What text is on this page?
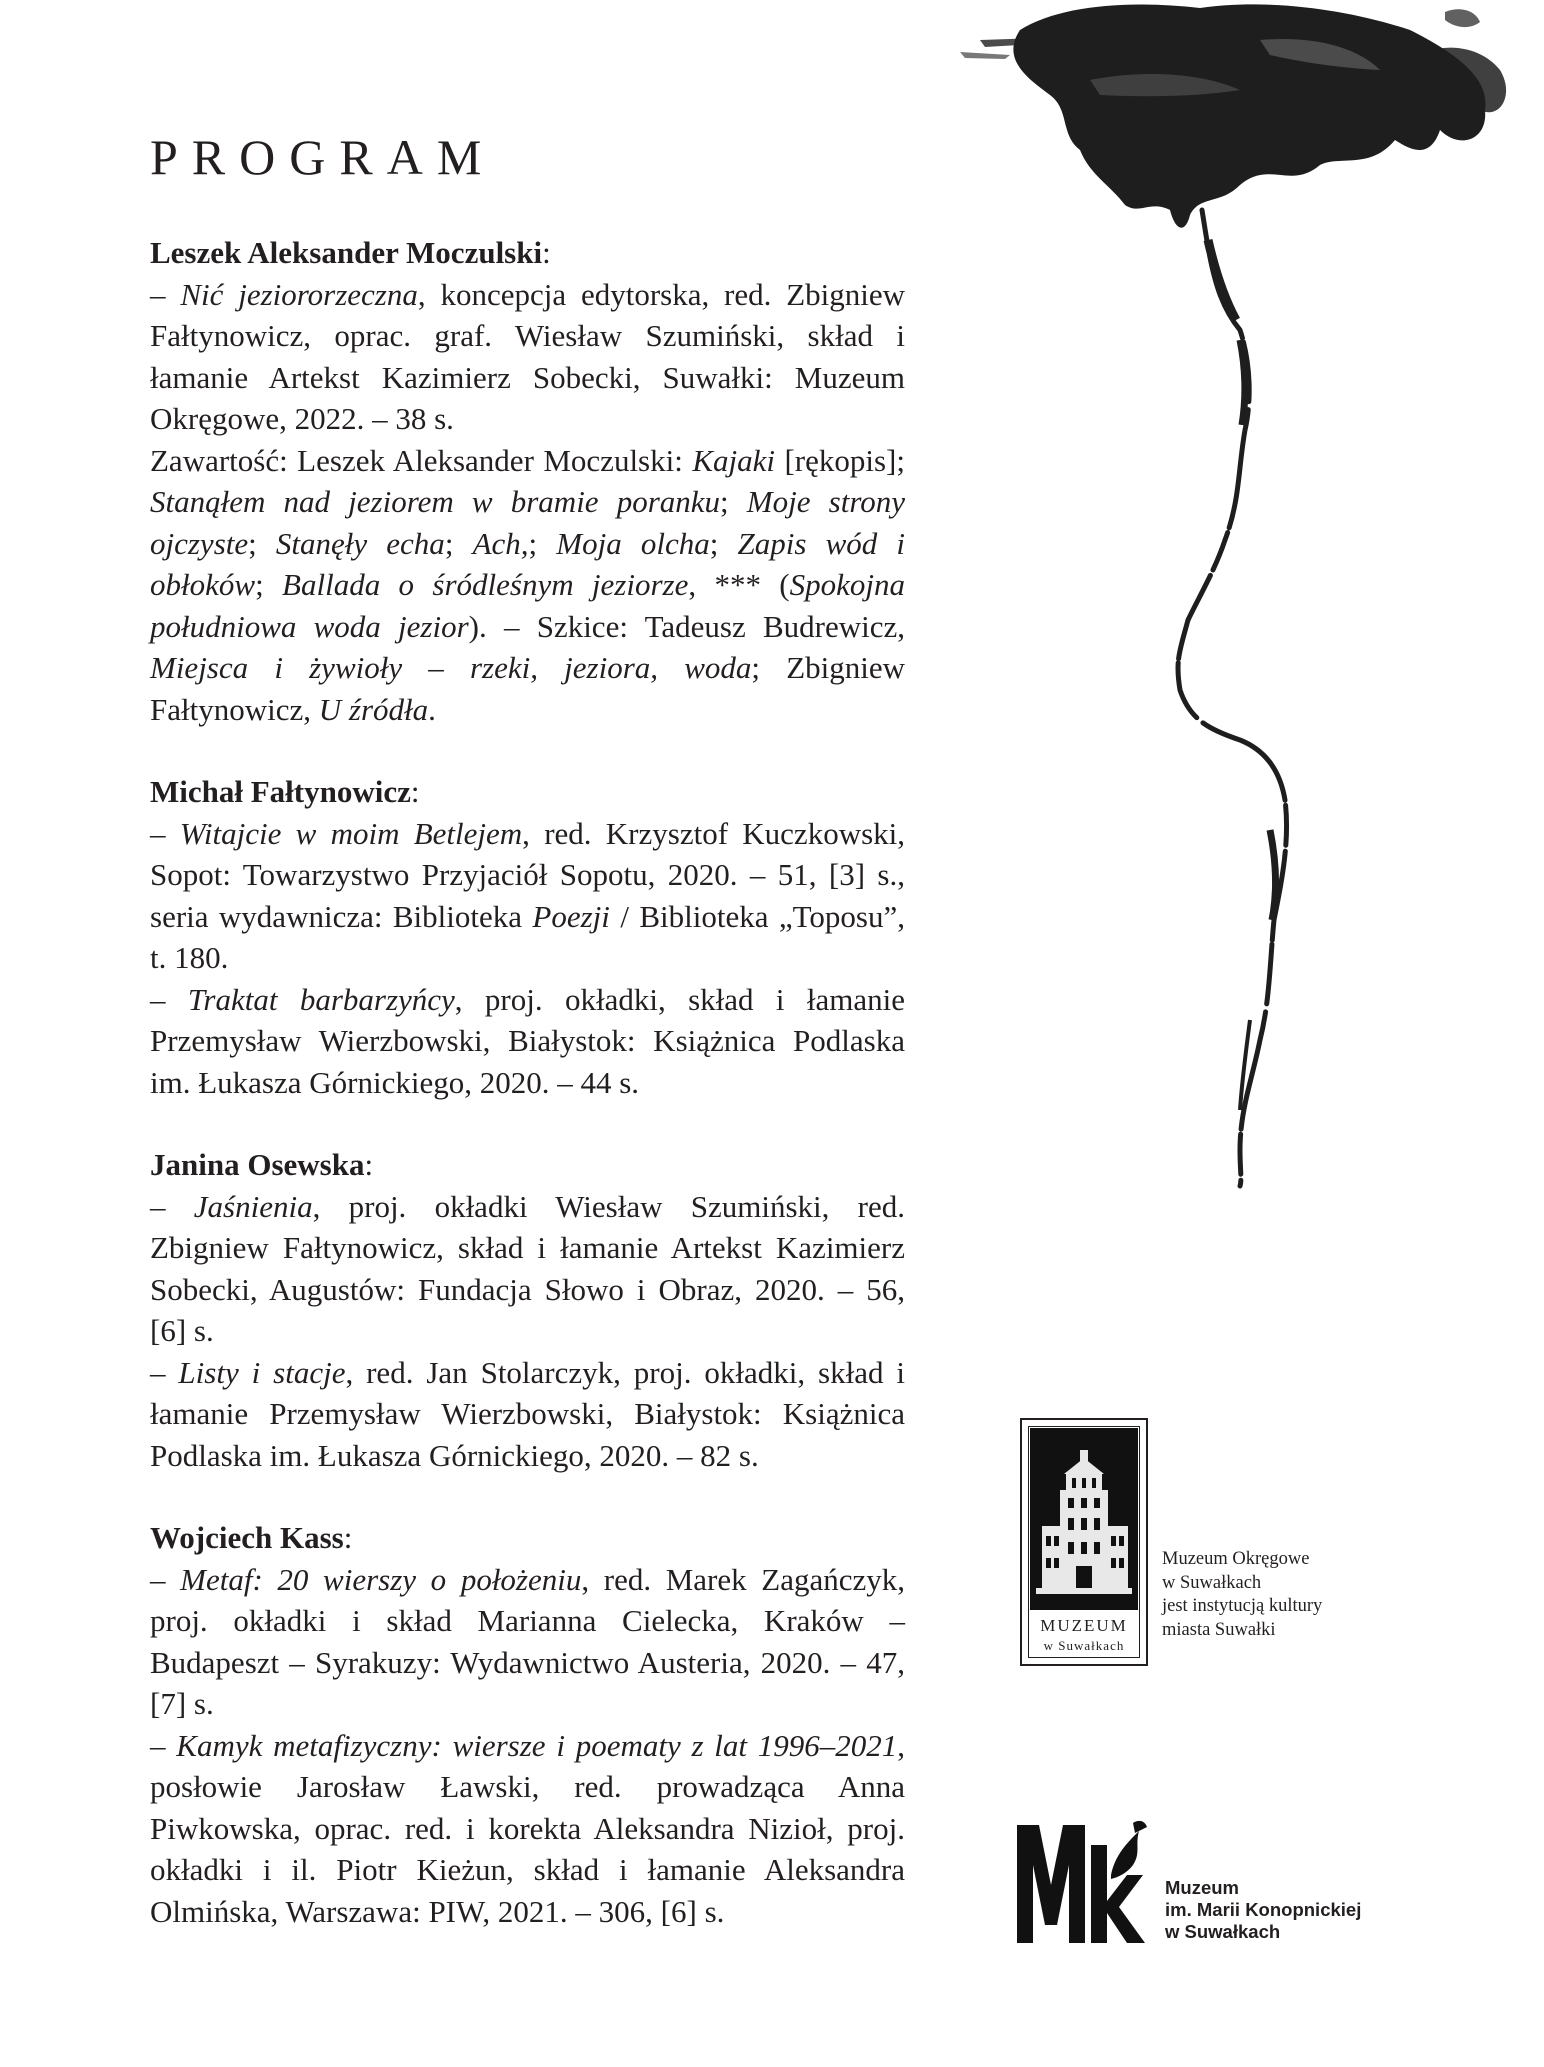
PROGRAM
Leszek Aleksander Moczulski:

– Nić jeziororzeczna, koncepcja edytorska, red. Zbigniew Fałtynowicz, oprac. graf. Wiesław Szumiński, skład i łamanie Artekst Kazimierz Sobecki, Suwałki: Muzeum Okręgowe, 2022. – 38 s.

Zawartość: Leszek Aleksander Moczulski: Kajaki [rękopis]; Stanąłem nad jeziorem w bramie poranku; Moje strony ojczyste; Stanęły echa; Ach,; Moja olcha; Zapis wód i obłoków; Ballada o śródleśnym jeziorze, *** (Spokojna południowa woda jezior). – Szkice: Tadeusz Budrewicz, Miejsca i żywioły – rzeki, jeziora, woda; Zbigniew Fałtynowicz, U źródła.

Michał Fałtynowicz:

– Witajcie w moim Betlejem, red. Krzysztof Kuczkowski, Sopot: Towarzystwo Przyjaciół Sopotu, 2020. – 51, [3] s., seria wydawnicza: Biblioteka Poezji / Biblioteka „Toposu”, t. 180.

– Traktat barbarzyńcy, proj. okładki, skład i łamanie Przemysław Wierzbowski, Białystok: Książnica Podlaska im. Łukasza Górnickiego, 2020. – 44 s.

Janina Osewska:

– Jaśnienia, proj. okładki Wiesław Szumiński, red. Zbigniew Fałtynowicz, skład i łamanie Artekst Kazimierz Sobecki, Augustów: Fundacja Słowo i Obraz, 2020. – 56, [6] s.

– Listy i stacje, red. Jan Stolarczyk, proj. okładki, skład i łamanie Przemysław Wierzbowski, Białystok: Książnica Podlaska im. Łukasza Górnickiego, 2020. – 82 s.

Wojciech Kass:

– Metaf: 20 wierszy o położeniu, red. Marek Zagańczyk, proj. okładki i skład Marianna Cielecka, Kraków – Budapeszt – Syrakuzy: Wydawnictwo Austeria, 2020. – 47, [7] s.

– Kamyk metafizyczny: wiersze i poematy z lat 1996–2021, posłowie Jarosław Ławski, red. prowadząca Anna Piwkowska, oprac. red. i korekta Aleksandra Nizioł, proj. okładki i il. Piotr Kieżun, skład i łamanie Aleksandra Olmińska, Warszawa: PIW, 2021. – 306, [6] s.

MUZEUM
w Suwałkach
Muzeum Okręgowe
w Suwałkach
jest instytucją kultury
miasta Suwałki
Muzeum
im. Marii Konopnickiej
w Suwałkach
